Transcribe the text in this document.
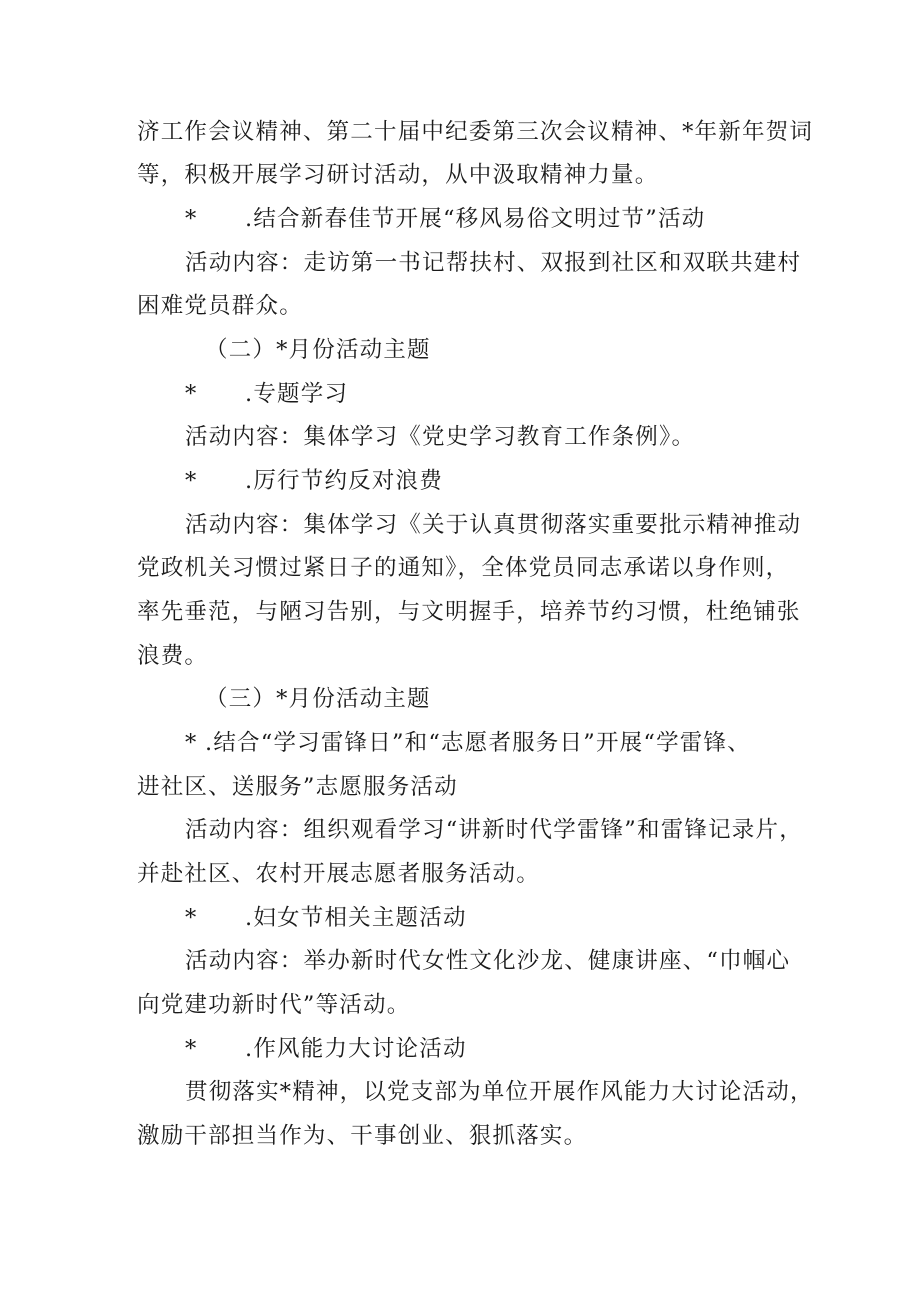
济工作会议精神、第二十届中纪委第三次会议精神、*年新年贺词
等，积极开展学习研讨活动，从中汲取精神力量。
* .结合新春佳节开展“移风易俗文明过节”活动
活动内容：走访第一书记帮扶村、双报到社区和双联共建村
困难党员群众。
（二）*月份活动主题
* .专题学习
活动内容：集体学习《党史学习教育工作条例》。
* .厉行节约反对浪费
活动内容：集体学习《关于认真贯彻落实重要批示精神推动
党政机关习惯过紧日子的通知》，全体党员同志承诺以身作则，
率先垂范，与陋习告别，与文明握手，培养节约习惯，杜绝铺张
浪费。
（三）*月份活动主题
* .结合“学习雷锋日”和“志愿者服务日”开展“学雷锋、
进社区、送服务”志愿服务活动
活动内容：组织观看学习“讲新时代学雷锋”和雷锋记录片，
并赴社区、农村开展志愿者服务活动。
* .妇女节相关主题活动
活动内容：举办新时代女性文化沙龙、健康讲座、“巾帼心
向党建功新时代”等活动。
* .作风能力大讨论活动
贯彻落实*精神，以党支部为单位开展作风能力大讨论活动，
激励干部担当作为、干事创业、狠抓落实。
